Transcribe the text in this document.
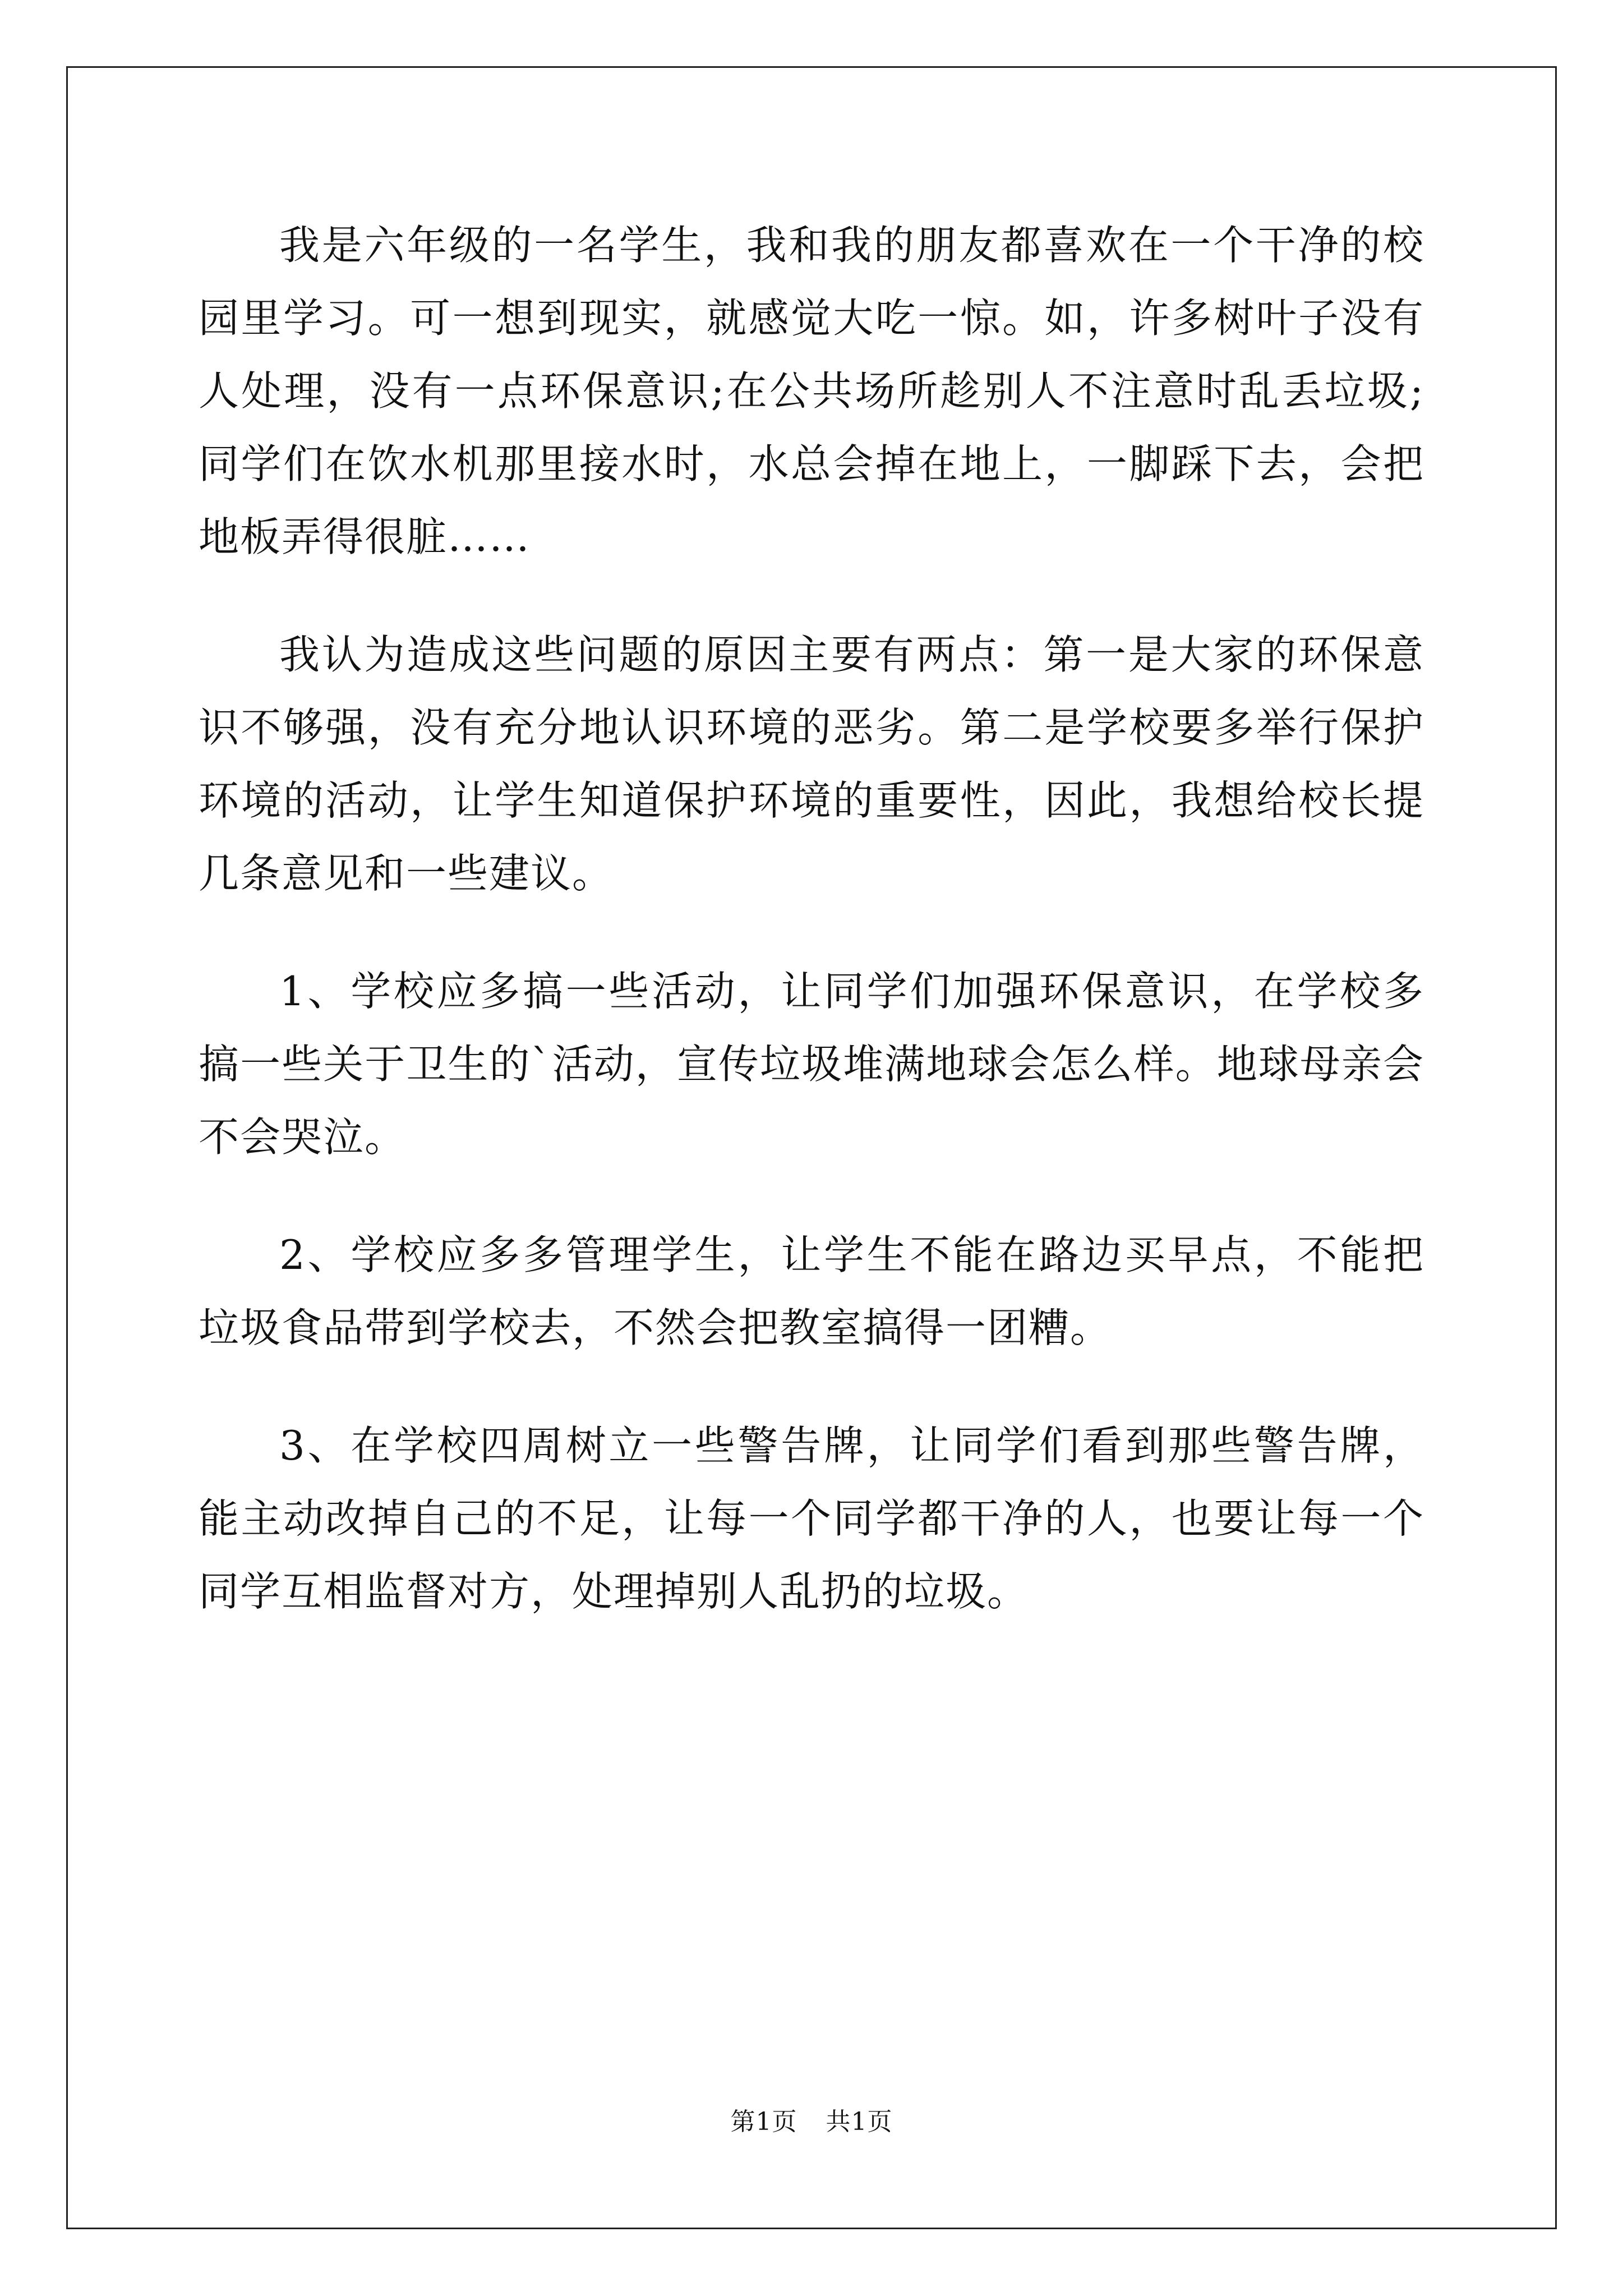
我是六年级的一名学生，我和我的朋友都喜欢在一个干净的校园里学习。可一想到现实，就感觉大吃一惊。如，许多树叶子没有人处理，没有一点环保意识;在公共场所趁别人不注意时乱丢垃圾;同学们在饮水机那里接水时，水总会掉在地上，一脚踩下去，会把地板弄得很脏……

我认为造成这些问题的原因主要有两点：第一是大家的环保意识不够强，没有充分地认识环境的恶劣。第二是学校要多举行保护环境的活动，让学生知道保护环境的重要性，因此，我想给校长提几条意见和一些建议。

1、学校应多搞一些活动，让同学们加强环保意识，在学校多搞一些关于卫生的`活动，宣传垃圾堆满地球会怎么样。地球母亲会不会哭泣。

2、学校应多多管理学生，让学生不能在路边买早点，不能把垃圾食品带到学校去，不然会把教室搞得一团糟。

3、在学校四周树立一些警告牌，让同学们看到那些警告牌，能主动改掉自己的不足，让每一个同学都干净的人，也要让每一个同学互相监督对方，处理掉别人乱扔的垃圾。

第1页 共1页
